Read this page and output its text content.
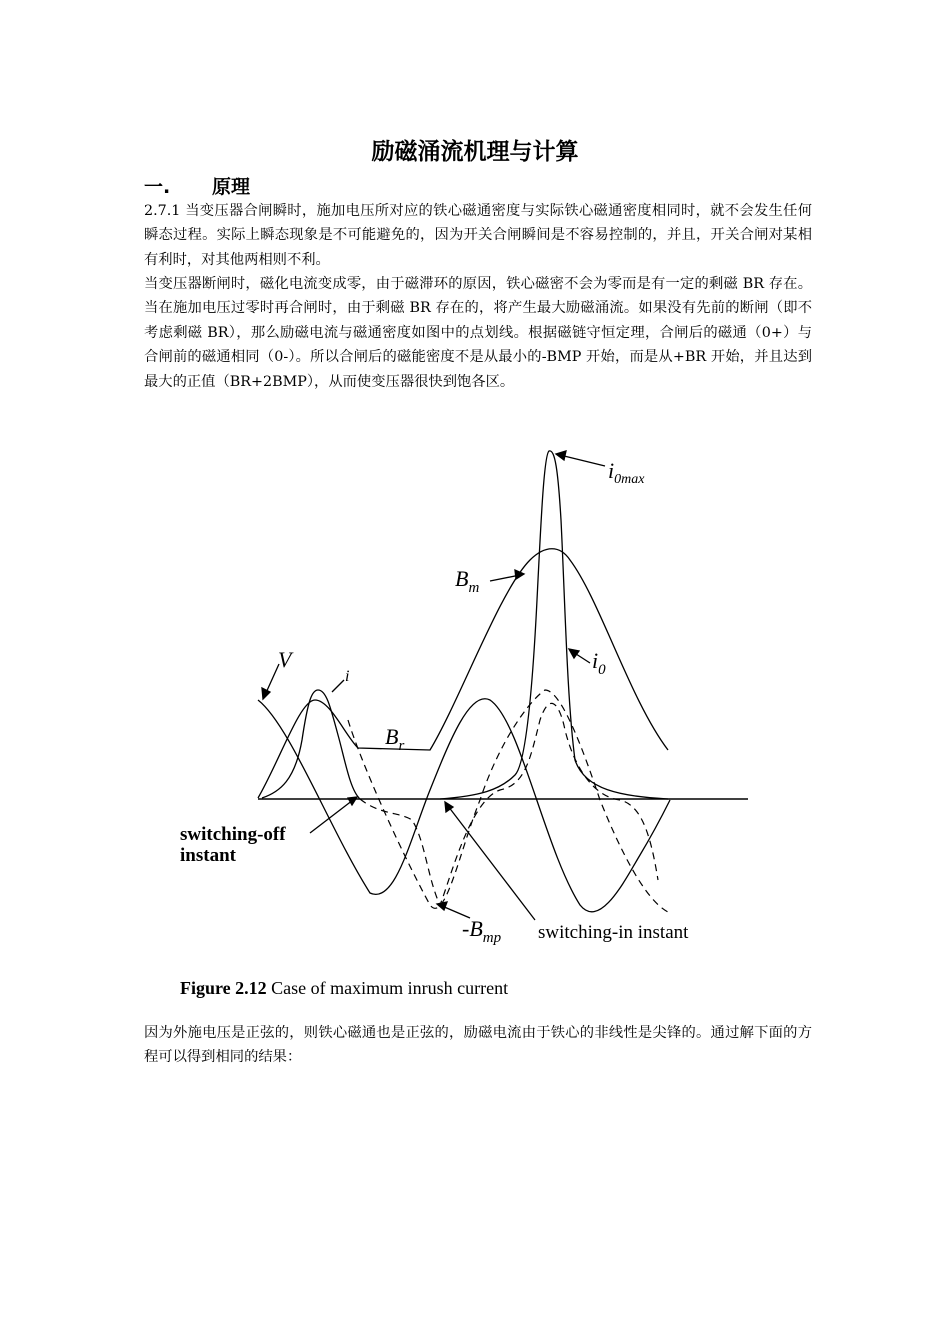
励磁涌流机理与计算
一. 原理
2.7.1 当变压器合闸瞬时，施加电压所对应的铁心磁通密度与实际铁心磁通密度相同时，就不会发生任何瞬态过程。实际上瞬态现象是不可能避免的，因为开关合闸瞬间是不容易控制的，并且，开关合闸对某相有利时，对其他两相则不利。
当变压器断闸时，磁化电流变成零，由于磁滞环的原因，铁心磁密不会为零而是有一定的剩磁 BR 存在。当在施加电压过零时再合闸时，由于剩磁 BR 存在的，将产生最大励磁涌流。如果没有先前的断闸（即不考虑剩磁 BR），那么励磁电流与磁通密度如图中的点划线。根据磁链守恒定理，合闸后的磁通（0+）与合闸前的磁通相同（0-）。所以合闸后的磁能密度不是从最小的-BMP 开始，而是从+BR 开始，并且达到最大的正值（BR+2BMP），从而使变压器很快到饱各区。
$i_{0max}$
$B_m$
$i_0$
V
i
$B_r$
switching-off
instant
$-B_{mp}$ switching-in instant
Figure 2.12 Case of maximum inrush current
因为外施电压是正弦的，则铁心磁通也是正弦的，励磁电流由于铁心的非线性是尖锋的。通过解下面的方程可以得到相同的结果：
